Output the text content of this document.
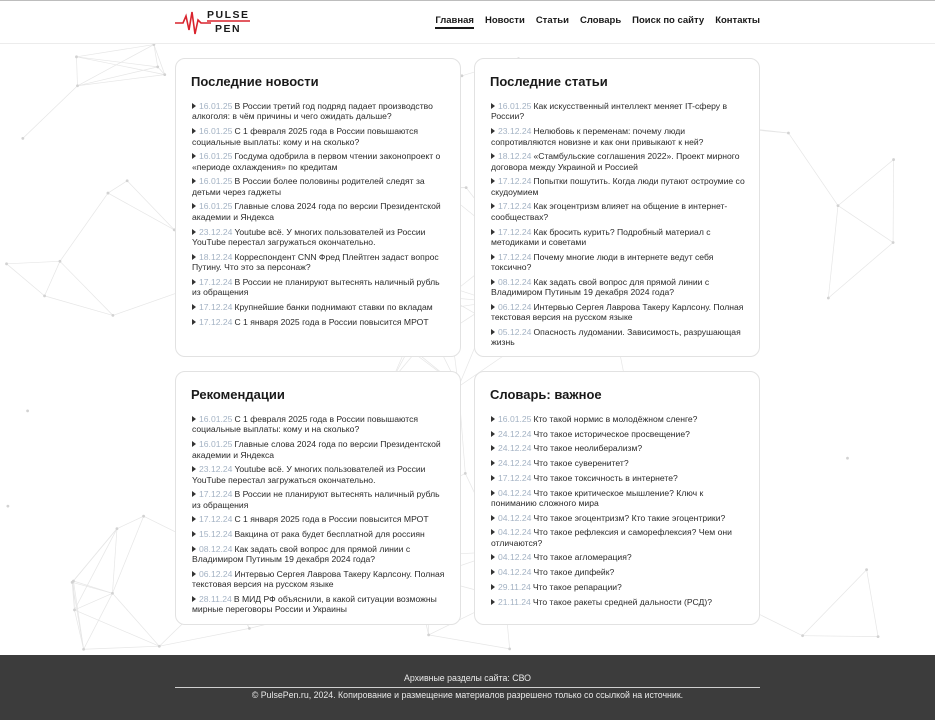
PULSE
PEN
Главная Новости Статьи Словарь Поиск по сайту Контакты
Последние новости
16.01.25 В России третий год подряд падает производство алкоголя: в чём причины и чего ожидать дальше?
16.01.25 С 1 февраля 2025 года в России повышаются социальные выплаты: кому и на сколько?
16.01.25 Госдума одобрила в первом чтении законопроект о «периоде охлаждения» по кредитам
16.01.25 В России более половины родителей следят за детьми через гаджеты
16.01.25 Главные слова 2024 года по версии Президентской академии и Яндекса
23.12.24 Youtube всё. У многих пользователей из России YouTube перестал загружаться окончательно.
18.12.24 Корреспондент CNN Фред Плейтген задаст вопрос Путину. Что это за персонаж?
17.12.24 В России не планируют вытеснять наличный рубль из обращения
17.12.24 Крупнейшие банки поднимают ставки по вкладам
17.12.24 С 1 января 2025 года в России повысится МРОТ
Последние статьи
16.01.25 Как искусственный интеллект меняет IT-сферу в России?
23.12.24 Нелюбовь к переменам: почему люди сопротивляются новизне и как они привыкают к ней?
18.12.24 «Стамбульские соглашения 2022». Проект мирного договора между Украиной и Россией
17.12.24 Попытки пошутить. Когда люди путают остроумие со скудоумием
17.12.24 Как эгоцентризм влияет на общение в интернет-сообществах?
17.12.24 Как бросить курить? Подробный материал с методиками и советами
17.12.24 Почему многие люди в интернете ведут себя токсично?
08.12.24 Как задать свой вопрос для прямой линии с Владимиром Путиным 19 декабря 2024 года?
06.12.24 Интервью Сергея Лаврова Такеру Карлсону. Полная текстовая версия на русском языке
05.12.24 Опасность лудомании. Зависимость, разрушающая жизнь
Рекомендации
16.01.25 С 1 февраля 2025 года в России повышаются социальные выплаты: кому и на сколько?
16.01.25 Главные слова 2024 года по версии Президентской академии и Яндекса
23.12.24 Youtube всё. У многих пользователей из России YouTube перестал загружаться окончательно.
17.12.24 В России не планируют вытеснять наличный рубль из обращения
17.12.24 С 1 января 2025 года в России повысится МРОТ
15.12.24 Вакцина от рака будет бесплатной для россиян
08.12.24 Как задать свой вопрос для прямой линии с Владимиром Путиным 19 декабря 2024 года?
06.12.24 Интервью Сергея Лаврова Такеру Карлсону. Полная текстовая версия на русском языке
28.11.24 В МИД РФ объяснили, в какой ситуации возможны мирные переговоры России и Украины
Словарь: важное
16.01.25 Кто такой нормис в молодёжном сленге?
24.12.24 Что такое историческое просвещение?
24.12.24 Что такое неолиберализм?
24.12.24 Что такое суверенитет?
17.12.24 Что такое токсичность в интернете?
04.12.24 Что такое критическое мышление? Ключ к пониманию сложного мира
04.12.24 Что такое эгоцентризм? Кто такие эгоцентрики?
04.12.24 Что такое рефлексия и саморефлексия? Чем они отличаются?
04.12.24 Что такое агломерация?
04.12.24 Что такое дипфейк?
29.11.24 Что такое репарации?
21.11.24 Что такое ракеты средней дальности (РСД)?
Архивные разделы сайта: СВО
© PulsePen.ru, 2024. Копирование и размещение материалов разрешено только со ссылкой на источник.
